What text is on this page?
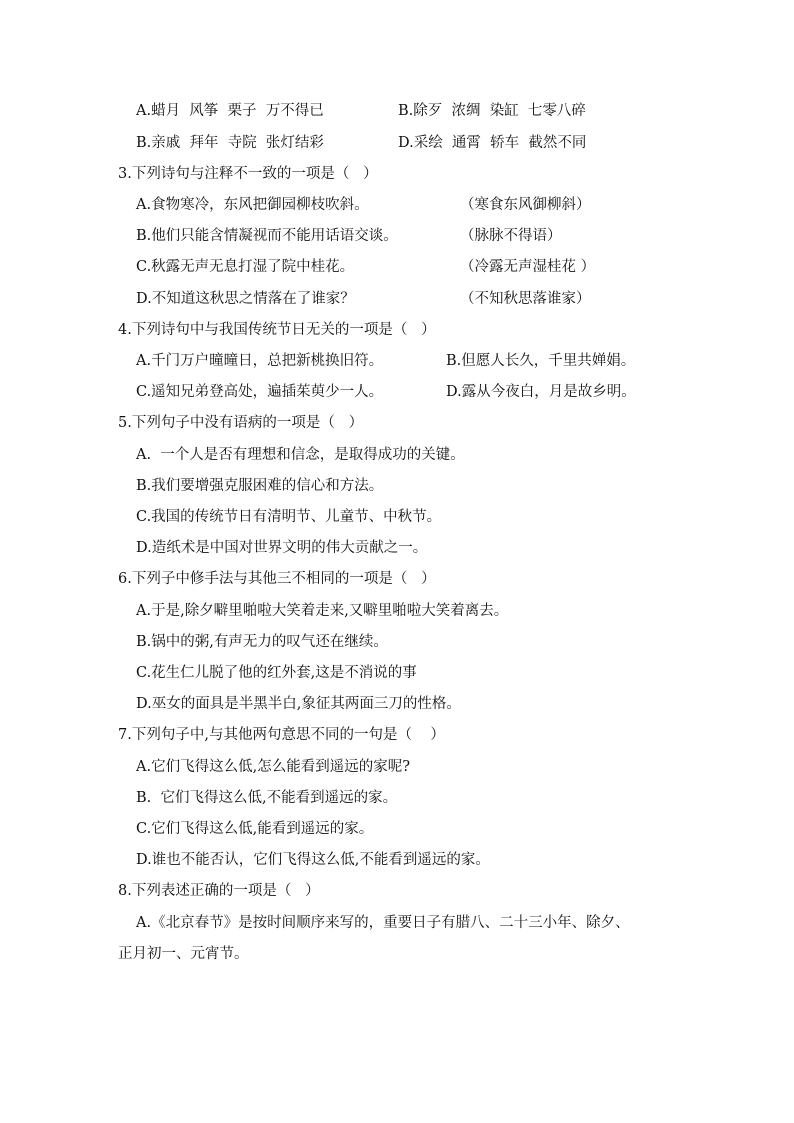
A.蜡月  风筝  栗子  万不得已	B.除歹  浓绸  染缸  七零八碎
B.亲戚  拜年  寺院  张灯结彩	D.采绘  通霄  轿车  截然不同
3.下列诗句与注释不一致的一项是（   ）
A.食物寒冷，东风把御园柳枝吹斜。	（寒食东风御柳斜）
B.他们只能含情凝视而不能用话语交谈。	（脉脉不得语）
C.秋露无声无息打湿了院中桂花。	（冷露无声湿桂花 ）
D.不知道这秋思之情落在了谁家？	（不知秋思落谁家）
4.下列诗句中与我国传统节日无关的一项是（   ）
A.千门万户曈曈日，总把新桃换旧符。	B.但愿人长久，千里共婵娟。
C.遥知兄弟登高处，遍插茱萸少一人。	D.露从今夜白，月是故乡明。
5.下列句子中没有语病的一项是（   ）
A.  一个人是否有理想和信念，是取得成功的关键。
B.我们要增强克服困难的信心和方法。
C.我国的传统节日有清明节、儿童节、中秋节。
D.造纸术是中国对世界文明的伟大贡献之一。
6.下列子中修手法与其他三不相同的一项是（   ）
A.于是,除夕噼里啪啦大笑着走来,又噼里啪啦大笑着离去。
B.锅中的粥,有声无力的叹气还在继续。
C.花生仁儿脱了他的红外套,这是不消说的事
D.巫女的面具是半黑半白,象征其两面三刀的性格。
7.下列句子中,与其他两句意思不同的一句是（    ）
A.它们飞得这么低,怎么能看到遥远的家呢?
B.  它们飞得这么低,不能看到遥远的家。
C.它们飞得这么低,能看到遥远的家。
D.谁也不能否认，它们飞得这么低,不能看到遥远的家。
8.下列表述正确的一项是（   ）
A.《北京春节》是按时间顺序来写的，重要日子有腊八、二十三小年、除夕、
正月初一、元宵节。
